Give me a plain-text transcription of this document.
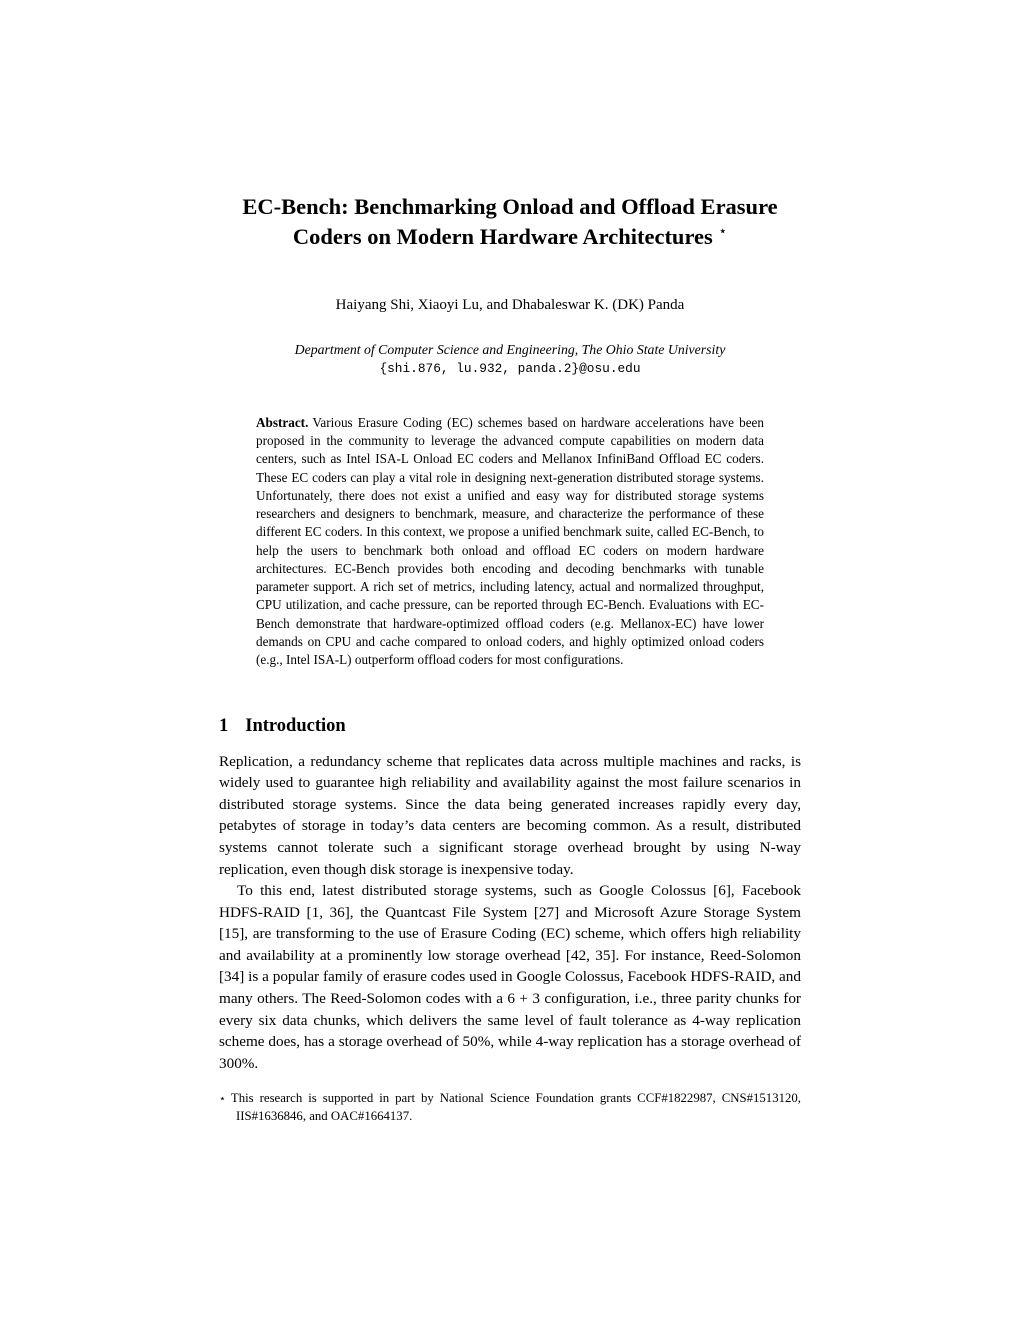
EC-Bench: Benchmarking Onload and Offload Erasure
Coders on Modern Hardware Architectures ⋆
Haiyang Shi, Xiaoyi Lu, and Dhabaleswar K. (DK) Panda
Department of Computer Science and Engineering, The Ohio State University
{shi.876, lu.932, panda.2}@osu.edu
Abstract. Various Erasure Coding (EC) schemes based on hardware accelerations have been proposed in the community to leverage the advanced compute capabilities on modern data centers, such as Intel ISA-L Onload EC coders and Mellanox InfiniBand Offload EC coders. These EC coders can play a vital role in designing next-generation distributed storage systems. Unfortunately, there does not exist a unified and easy way for distributed storage systems researchers and designers to benchmark, measure, and characterize the performance of these different EC coders. In this context, we propose a unified benchmark suite, called EC-Bench, to help the users to benchmark both onload and offload EC coders on modern hardware architectures. EC-Bench provides both encoding and decoding benchmarks with tunable parameter support. A rich set of metrics, including latency, actual and normalized throughput, CPU utilization, and cache pressure, can be reported through EC-Bench. Evaluations with EC-Bench demonstrate that hardware-optimized offload coders (e.g. Mellanox-EC) have lower demands on CPU and cache compared to onload coders, and highly optimized onload coders (e.g., Intel ISA-L) outperform offload coders for most configurations.
1 Introduction

Replication, a redundancy scheme that replicates data across multiple machines and racks, is widely used to guarantee high reliability and availability against the most failure scenarios in distributed storage systems. Since the data being generated increases rapidly every day, petabytes of storage in today’s data centers are becoming common. As a result, distributed systems cannot tolerate such a significant storage overhead brought by using N-way replication, even though disk storage is inexpensive today.

To this end, latest distributed storage systems, such as Google Colossus [6], Facebook HDFS-RAID [1, 36], the Quantcast File System [27] and Microsoft Azure Storage System [15], are transforming to the use of Erasure Coding (EC) scheme, which offers high reliability and availability at a prominently low storage overhead [42, 35]. For instance, Reed-Solomon [34] is a popular family of erasure codes used in Google Colossus, Facebook HDFS-RAID, and many others. The Reed-Solomon codes with a 6 + 3 configuration, i.e., three parity chunks for every six data chunks, which delivers the same level of fault tolerance as 4-way replication scheme does, has a storage overhead of 50%, while 4-way replication has a storage overhead of 300%.

⋆ This research is supported in part by National Science Foundation grants CCF#1822987, CNS#1513120, IIS#1636846, and OAC#1664137.
